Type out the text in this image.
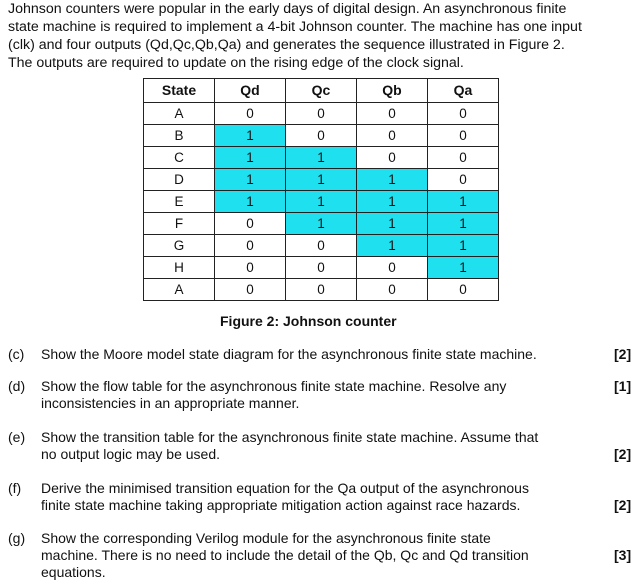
Johnson counters were popular in the early days of digital design. An asynchronous finite
state machine is required to implement a 4-bit Johnson counter. The machine has one input
(clk) and four outputs (Qd,Qc,Qb,Qa) and generates the sequence illustrated in Figure 2.
The outputs are required to update on the rising edge of the clock signal.
State	Qd	Qc	Qb	Qa
A	0	0	0	0
B	1	0	0	0
C	1	1	0	0
D	1	1	1	0
E	1	1	1	1
F	0	1	1	1
G	0	0	1	1
H	0	0	0	1
A	0	0	0	0
Figure 2: Johnson counter
(c) Show the Moore model state diagram for the asynchronous finite state machine.	[2]
(d) Show the flow table for the asynchronous finite state machine. Resolve any
inconsistencies in an appropriate manner.
[1]
(e) Show the transition table for the asynchronous finite state machine. Assume that
no output logic may be used.	[2]
(f) Derive the minimised transition equation for the Qa output of the asynchronous
finite state machine taking appropriate mitigation action against race hazards.	[2]
(g) Show the corresponding Verilog module for the asynchronous finite state
machine. There is no need to include the detail of the Qb, Qc and Qd transition
equations.
[3]
